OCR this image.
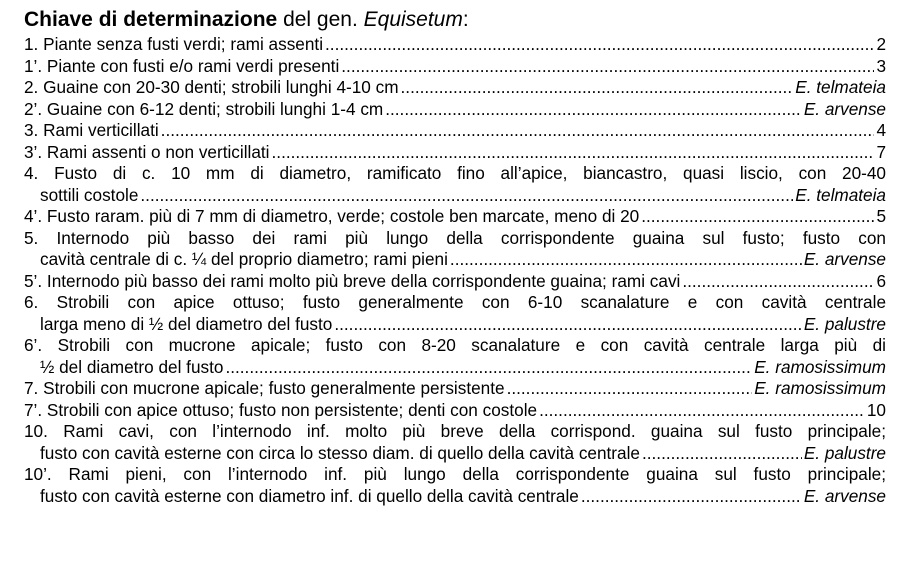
Chiave di determinazione del gen. Equisetum:
1. Piante senza fusti verdi; rami assenti .....	2
1’. Piante con fusti e/o rami verdi presenti .....	3
2. Guaine con 20-30 denti; strobili lunghi 4-10 cm .....	E. telmateia
2’. Guaine con 6-12 denti; strobili lunghi 1-4 cm .....	E. arvense
3. Rami verticillati .....	4
3’. Rami assenti o non verticillati .....	7
4. Fusto di c. 10 mm di diametro, ramificato fino all’apice, biancastro, quasi liscio, con 20-40
sottili costole .....	E. telmateia
4’. Fusto raram. più di 7 mm di diametro, verde; costole ben marcate, meno di 20 .....	5
5. Internodo più basso dei rami più lungo della corrispondente guaina sul fusto; fusto con
cavità centrale di c. ¼ del proprio diametro; rami pieni .....	E. arvense
5’. Internodo più basso dei rami molto più breve della corrispondente guaina; rami cavi .....	6
6. Strobili con apice ottuso; fusto generalmente con 6-10 scanalature e con cavità centrale
larga meno di ½ del diametro del fusto .....	E. palustre
6’. Strobili con mucrone apicale; fusto con 8-20 scanalature e con cavità centrale larga più di
½ del diametro del fusto .....	E. ramosissimum
7. Strobili con mucrone apicale; fusto generalmente persistente .....	E. ramosissimum
7’. Strobili con apice ottuso; fusto non persistente; denti con costole .....	10
10. Rami cavi, con l’internodo inf. molto più breve della corrispond. guaina sul fusto principale;
fusto con cavità esterne con circa lo stesso diam. di quello della cavità centrale .....	E. palustre
10’. Rami pieni, con l’internodo inf. più lungo della corrispondente guaina sul fusto principale;
fusto con cavità esterne con diametro inf. di quello della cavità centrale .....	E. arvense
